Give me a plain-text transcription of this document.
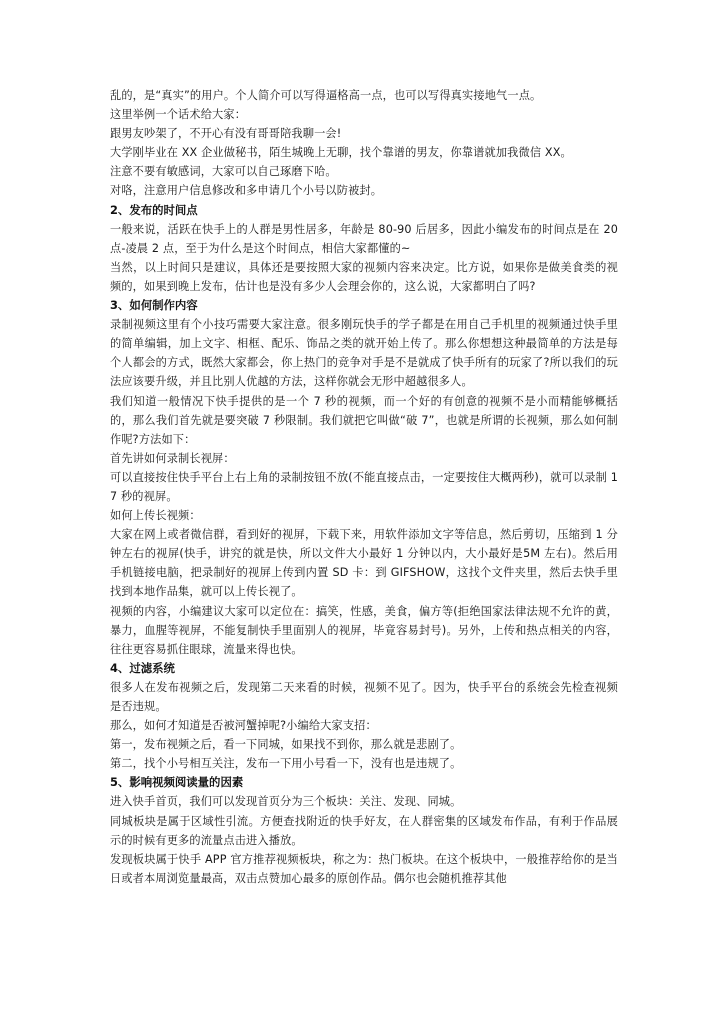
乱的，是“真实”的用户。个人简介可以写得逼格高一点，也可以写得真实接地气一点。

这里举例一个话术给大家：

跟男友吵架了，不开心有没有哥哥陪我聊一会!

大学刚毕业在 XX 企业做秘书，陌生城晚上无聊，找个靠谱的男友，你靠谱就加我微信 XX。

注意不要有敏感词，大家可以自己琢磨下哈。

对咯，注意用户信息修改和多申请几个小号以防被封。

2、发布的时间点

一般来说，活跃在快手上的人群是男性居多，年龄是 80-90 后居多，因此小编发布的时间点是在 20 点-凌晨 2 点，至于为什么是这个时间点，相信大家都懂的~

当然，以上时间只是建议，具体还是要按照大家的视频内容来决定。比方说，如果你是做美食类的视频的，如果到晚上发布，估计也是没有多少人会理会你的，这么说，大家都明白了吗?

3、如何制作内容

录制视频这里有个小技巧需要大家注意。很多刚玩快手的学子都是在用自己手机里的视频通过快手里的简单编辑，加上文字、相框、配乐、饰品之类的就开始上传了。那么你想想这种最简单的方法是每个人都会的方式，既然大家都会，你上热门的竞争对手是不是就成了快手所有的玩家了?所以我们的玩法应该要升级，并且比别人优越的方法，这样你就会无形中超越很多人。

我们知道一般情况下快手提供的是一个 7 秒的视频，而一个好的有创意的视频不是小而精能够概括的，那么我们首先就是要突破 7 秒限制。我们就把它叫做“破 7”，也就是所谓的长视频，那么如何制作呢?方法如下：

首先讲如何录制长视屏：

可以直接按住快手平台上右上角的录制按钮不放(不能直接点击，一定要按住大概两秒)，就可以录制 17 秒的视屏。

如何上传长视频：

大家在网上或者微信群，看到好的视屏，下载下来，用软件添加文字等信息，然后剪切，压缩到 1 分钟左右的视屏(快手，讲究的就是快，所以文件大小最好 1 分钟以内，大小最好是5M 左右)。然后用手机链接电脑，把录制好的视屏上传到内置 SD 卡：到 GIFSHOW，这找个文件夹里，然后去快手里找到本地作品集，就可以上传长视了。

视频的内容，小编建议大家可以定位在：搞笑，性感，美食，偏方等(拒绝国家法律法规不允许的黄，暴力，血腥等视屏，不能复制快手里面别人的视屏，毕竟容易封号)。另外，上传和热点相关的内容，往往更容易抓住眼球，流量来得也快。

4、过滤系统

很多人在发布视频之后，发现第二天来看的时候，视频不见了。因为，快手平台的系统会先检查视频是否违规。

那么，如何才知道是否被河蟹掉呢?小编给大家支招：

第一，发布视频之后，看一下同城，如果找不到你，那么就是悲剧了。

第二，找个小号相互关注，发布一下用小号看一下，没有也是违规了。

5、影响视频阅读量的因素

进入快手首页，我们可以发现首页分为三个板块：关注、发现、同城。

同城板块是属于区域性引流。方便查找附近的快手好友，在人群密集的区域发布作品，有利于作品展示的时候有更多的流量点击进入播放。

发现板块属于快手 APP 官方推荐视频板块，称之为：热门板块。在这个板块中，一般推荐给你的是当日或者本周浏览量最高，双击点赞加心最多的原创作品。偶尔也会随机推荐其他
